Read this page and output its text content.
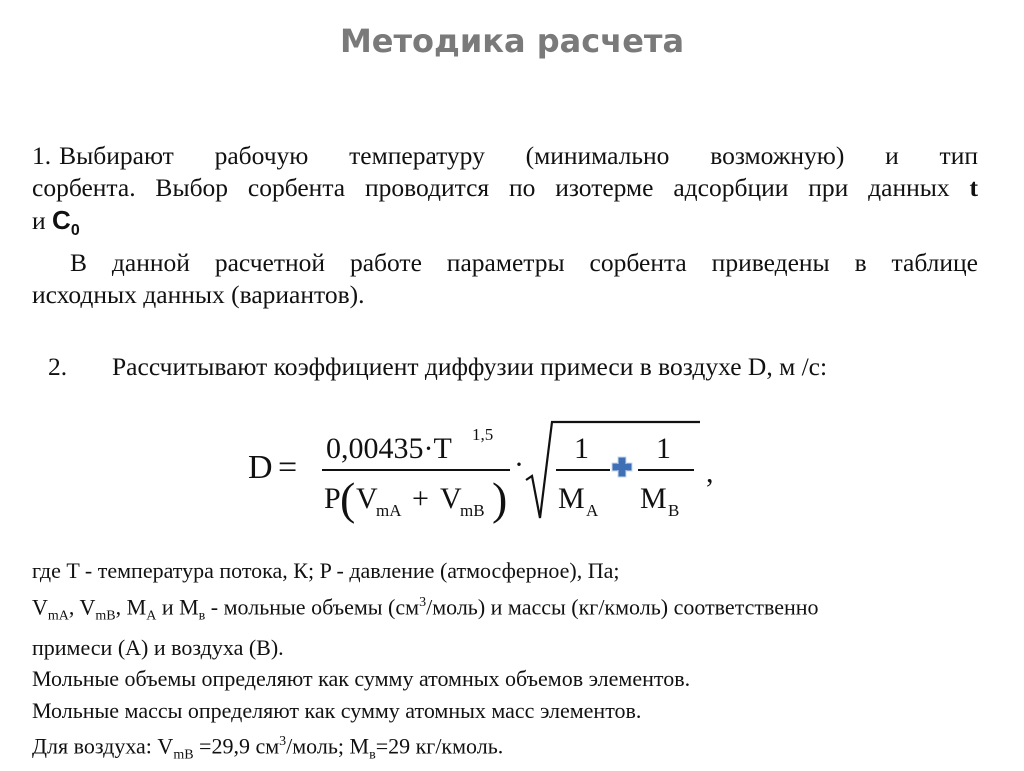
Методика расчета
1. Выбирают рабочую температуру (минимально возможную) и тип
сорбента. Выбор сорбента проводится по изотерме адсорбции при данных t
и $C_0$
В данной расчетной работе параметры сорбента приведены в таблице
исходных данных (вариантов).
2. Рассчитывают коэффициент диффузии примеси в воздухе D, м /с:
D =
0,00435·T 1,5
P ( V
mA + V
mB )
· 1
M A
1
M B
,
где T - температура потока, К; P - давление (атмосферное), Па;
$V_{mA}$, $V_{mB}$, $M_A$ и $M_в$ - мольные объемы $(см^3/моль)$ и массы (кг/кмоль) соответственно
примеси (А) и воздуха (В).
Мольные объемы определяют как сумму атомных объемов элементов.
Мольные массы определяют как сумму атомных масс элементов.
Для воздуха: $V_{mB} =29,9$ $см^3$/моль; $M_в=29$ кг/кмоль.
